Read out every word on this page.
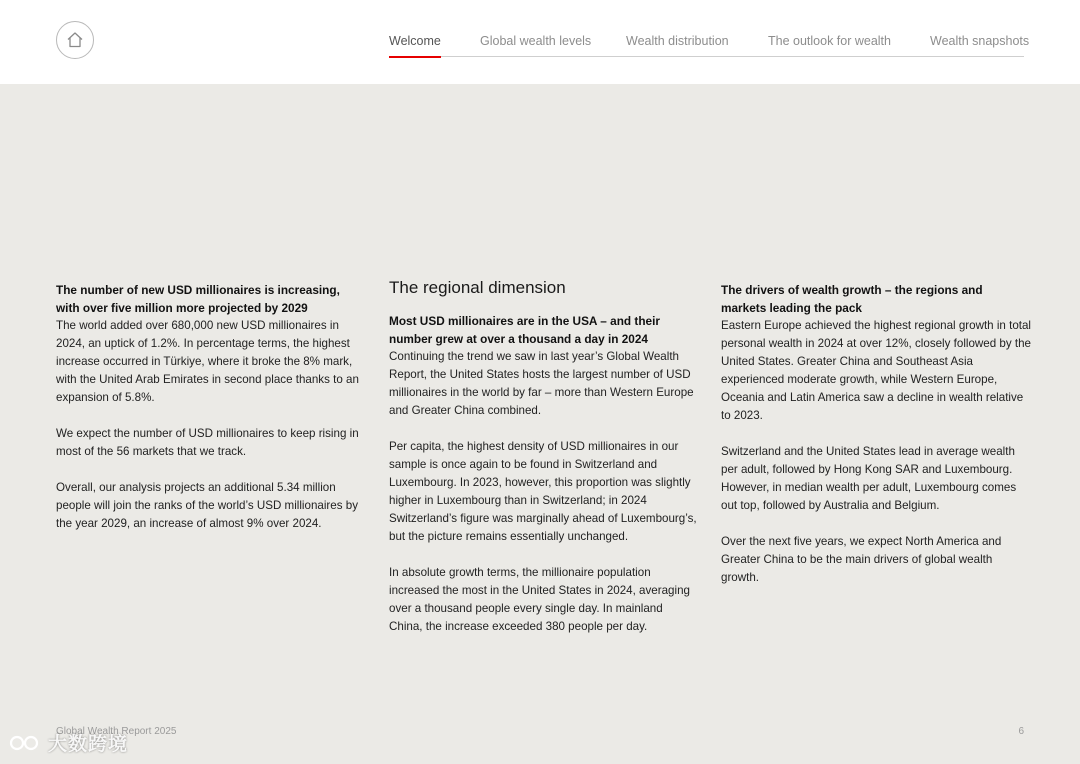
Welcome	Global wealth levels	Wealth distribution	The outlook for wealth	Wealth snapshots
The number of new USD millionaires is increasing, with over five million more projected by 2029

The world added over 680,000 new USD millionaires in 2024, an uptick of 1.2%. In percentage terms, the highest increase occurred in Türkiye, where it broke the 8% mark, with the United Arab Emirates in second place thanks to an expansion of 5.8%.

We expect the number of USD millionaires to keep rising in most of the 56 markets that we track.

Overall, our analysis projects an additional 5.34 million people will join the ranks of the world’s USD millionaires by the year 2029, an increase of almost 9% over 2024.

The regional dimension
Most USD millionaires are in the USA – and their number grew at over a thousand a day in 2024

Continuing the trend we saw in last year’s Global Wealth Report, the United States hosts the largest number of USD millionaires in the world by far – more than Western Europe and Greater China combined.

Per capita, the highest density of USD millionaires in our sample is once again to be found in Switzerland and Luxembourg. In 2023, however, this proportion was slightly higher in Luxembourg than in Switzerland; in 2024 Switzerland’s figure was marginally ahead of Luxembourg’s, but the picture remains essentially unchanged.

In absolute growth terms, the millionaire population increased the most in the United States in 2024, averaging over a thousand people every single day. In mainland China, the increase exceeded 380 people per day.

The drivers of wealth growth – the regions and markets leading the pack

Eastern Europe achieved the highest regional growth in total personal wealth in 2024 at over 12%, closely followed by the United States. Greater China and Southeast Asia experienced moderate growth, while Western Europe, Oceania and Latin America saw a decline in wealth relative to 2023.

Switzerland and the United States lead in average wealth per adult, followed by Hong Kong SAR and Luxembourg. However, in median wealth per adult, Luxembourg comes out top, followed by Australia and Belgium.

Over the next five years, we expect North America and Greater China to be the main drivers of global wealth growth.

Global Wealth Report 2025	6
大数跨境
